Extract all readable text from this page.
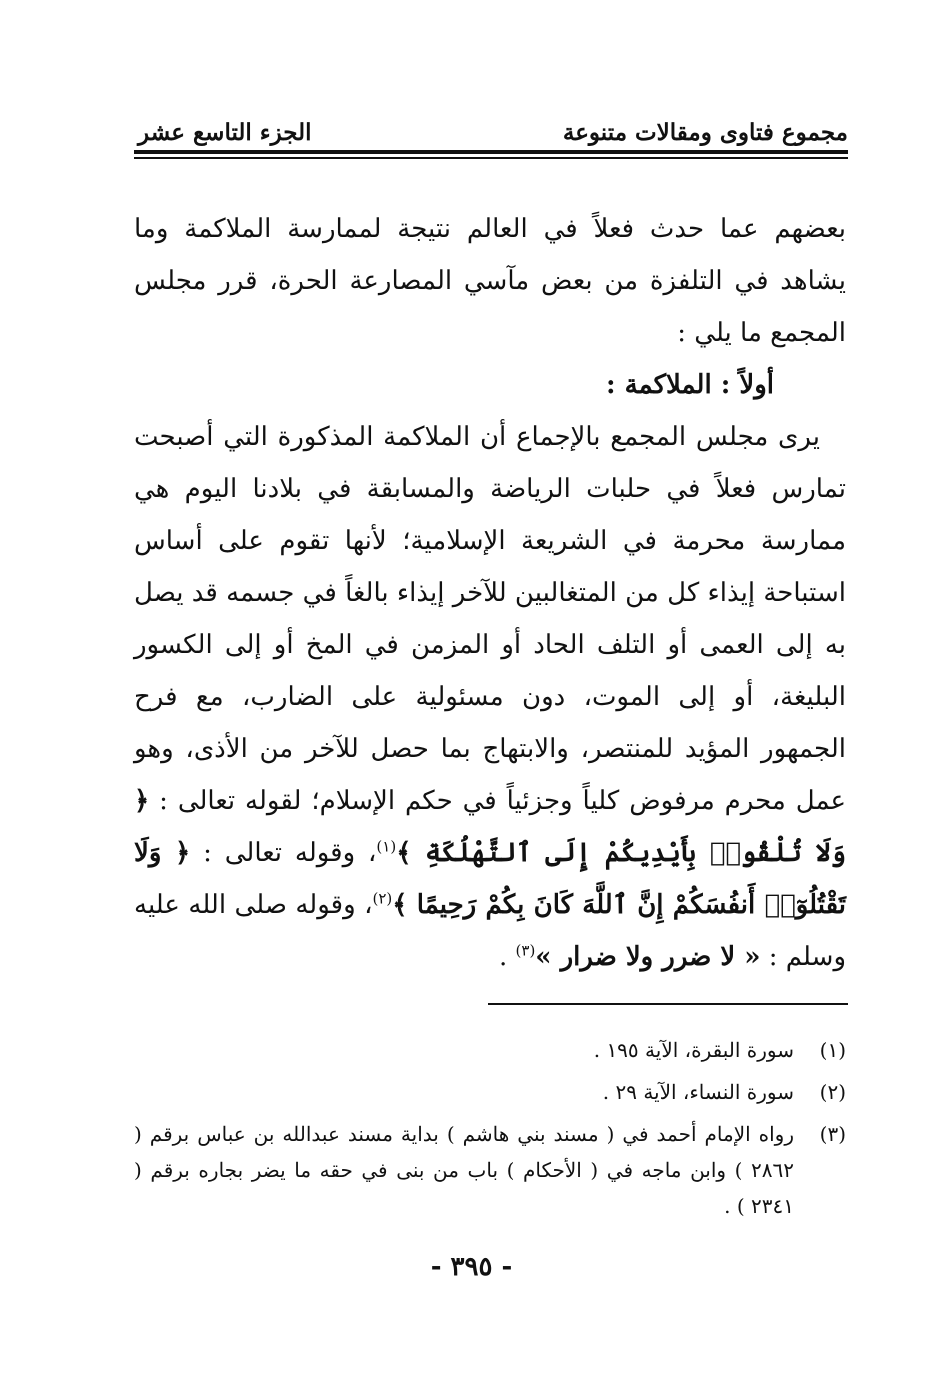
مجموع فتاوى ومقالات متنوعة
الجزء التاسع عشر

بعضهم عما حدث فعلاً في العالم نتيجة لممارسة الملاكمة وما يشاهد في التلفزة من بعض مآسي المصارعة الحرة، قرر مجلس المجمع ما يلي :

أولاً : الملاكمة :

يرى مجلس المجمع بالإجماع أن الملاكمة المذكورة التي أصبحت تمارس فعلاً في حلبات الرياضة والمسابقة في بلادنا اليوم هي ممارسة محرمة في الشريعة الإسلامية؛ لأنها تقوم على أساس استباحة إيذاء كل من المتغالبين للآخر إيذاء بالغاً في جسمه قد يصل به إلى العمى أو التلف الحاد أو المزمن في المخ أو إلى الكسور البليغة، أو إلى الموت، دون مسئولية على الضارب، مع فرح الجمهور المؤيد للمنتصر، والابتهاج بما حصل للآخر من الأذى، وهو عمل محرم مرفوض كلياً وجزئياً في حكم الإسلام؛ لقوله تعالى : ﴿ وَلَا تُلْقُوا۟ بِأَيْدِيكُمْ إِلَى ٱلتَّهْلُكَةِ ﴾$^{(١)}$، وقوله تعالى : ﴿ وَلَا تَقْتُلُوٓا۟ أَنفُسَكُمْ إِنَّ ٱللَّهَ كَانَ بِكُمْ رَحِيمًا ﴾$^{(٢)}$، وقوله صلى الله عليه وسلم : « لا ضرر ولا ضرار »$^{(٣)}$ .

(١)
سورة البقرة، الآية ١٩٥ .
(٢)
سورة النساء، الآية ٢٩ .
(٣)
رواه الإمام أحمد في ( مسند بني هاشم ) بداية مسند عبدالله بن عباس برقم ( ٢٨٦٢ ) وابن ماجه في ( الأحكام ) باب من بنى في حقه ما يضر بجاره برقم ( ٢٣٤١ ) .
- ٣٩٥ -
